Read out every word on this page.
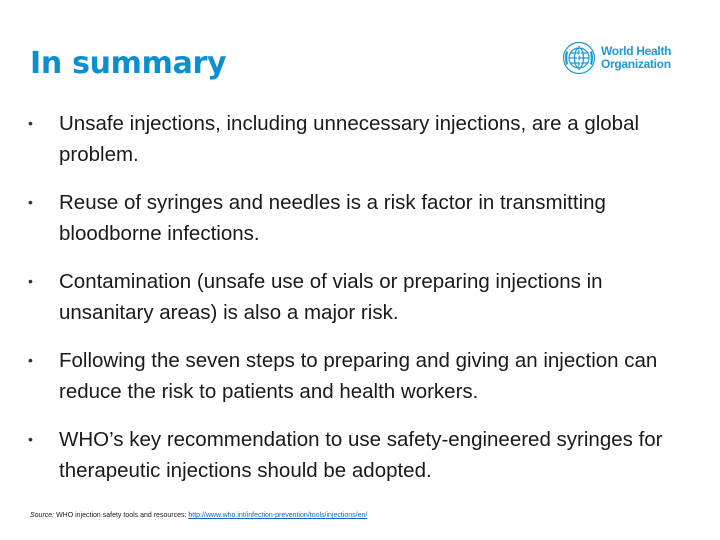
In summary	World Health
Organization
• Unsafe injections, including unnecessary injections, are a global problem.
• Reuse of syringes and needles is a risk factor in transmitting bloodborne infections.
• Contamination (unsafe use of vials or preparing injections in unsanitary areas) is also a major risk.
• Following the seven steps to preparing and giving an injection can reduce the risk to patients and health workers.
• WHO’s key recommendation to use safety-engineered syringes for therapeutic injections should be adopted.
Source: WHO injection safety tools and resources: http://www.who.int/infection-prevention/tools/injections/en/
